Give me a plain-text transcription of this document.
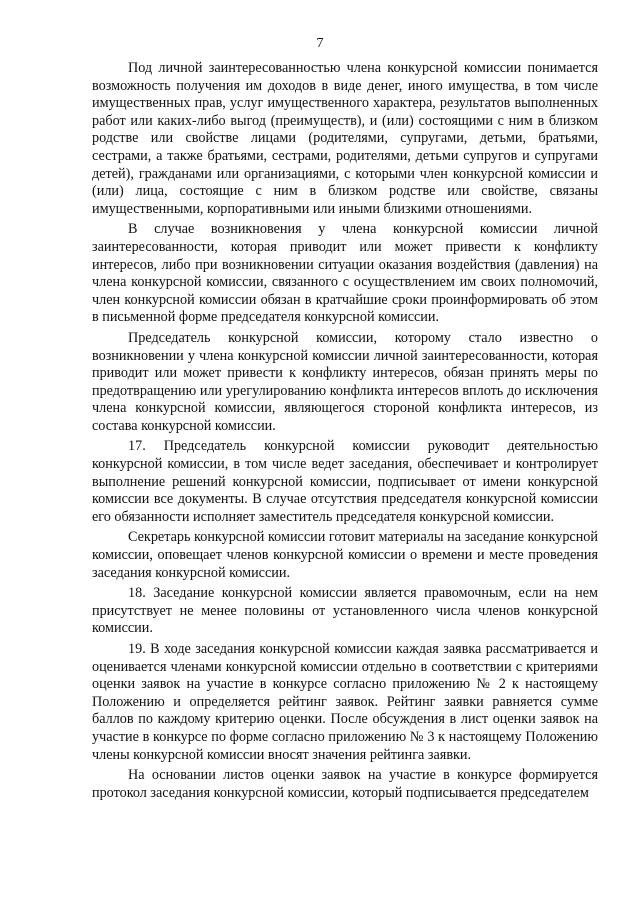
7

Под личной заинтересованностью члена конкурсной комиссии понимается возможность получения им доходов в виде денег, иного имущества, в том числе имущественных прав, услуг имущественного характера, результатов выполненных работ или каких-либо выгод (преимуществ), и (или) состоящими с ним в близком родстве или свойстве лицами (родителями, супругами, детьми, братьями, сестрами, а также братьями, сестрами, родителями, детьми супругов и супругами детей), гражданами или организациями, с которыми член конкурсной комиссии и (или) лица, состоящие с ним в близком родстве или свойстве, связаны имущественными, корпоративными или иными близкими отношениями.

В случае возникновения у члена конкурсной комиссии личной заинтересованности, которая приводит или может привести к конфликту интересов, либо при возникновении ситуации оказания воздействия (давления) на члена конкурсной комиссии, связанного с осуществлением им своих полномочий, член конкурсной комиссии обязан в кратчайшие сроки проинформировать об этом в письменной форме председателя конкурсной комиссии.

Председатель конкурсной комиссии, которому стало известно о возникновении у члена конкурсной комиссии личной заинтересованности, которая приводит или может привести к конфликту интересов, обязан принять меры по предотвращению или урегулированию конфликта интересов вплоть до исключения члена конкурсной комиссии, являющегося стороной конфликта интересов, из состава конкурсной комиссии.

17. Председатель конкурсной комиссии руководит деятельностью конкурсной комиссии, в том числе ведет заседания, обеспечивает и контролирует выполнение решений конкурсной комиссии, подписывает от имени конкурсной комиссии все документы. В случае отсутствия председателя конкурсной комиссии его обязанности исполняет заместитель председателя конкурсной комиссии.

Секретарь конкурсной комиссии готовит материалы на заседание конкурсной комиссии, оповещает членов конкурсной комиссии о времени и месте проведения заседания конкурсной комиссии.

18. Заседание конкурсной комиссии является правомочным, если на нем присутствует не менее половины от установленного числа членов конкурсной комиссии.

19. В ходе заседания конкурсной комиссии каждая заявка рассматривается и оценивается членами конкурсной комиссии отдельно в соответствии с критериями оценки заявок на участие в конкурсе согласно приложению № 2 к настоящему Положению и определяется рейтинг заявок. Рейтинг заявки равняется сумме баллов по каждому критерию оценки. После обсуждения в лист оценки заявок на участие в конкурсе по форме согласно приложению № 3 к настоящему Положению члены конкурсной комиссии вносят значения рейтинга заявки.

На основании листов оценки заявок на участие в конкурсе формируется протокол заседания конкурсной комиссии, который подписывается председателем
